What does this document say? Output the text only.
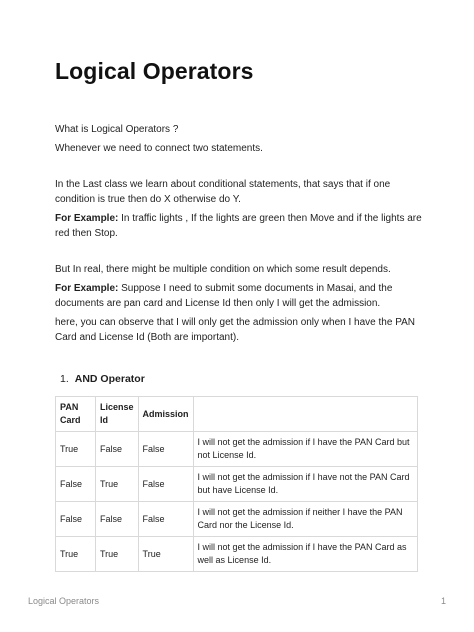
Logical Operators

What is Logical Operators ?

Whenever we need to connect two statements.

In the Last class we learn about conditional statements, that says that if one condition is true then do X otherwise do Y.

For Example: In traffic lights , If the lights are green then Move and if the lights are red then Stop.

But In real, there might be multiple condition on which some result depends.

For Example: Suppose I need to submit some documents in Masai, and the documents are pan card and License Id then only I will get the admission.

here, you can observe that I will only get the admission only when I have the PAN Card and License Id (Both are important).

1. AND Operator
PAN Card	License Id	Admission	
True	False	False	I will not get the admission if I have the PAN Card but not License Id.
False	True	False	I will not get the admission if I have not the PAN Card but have License Id.
False	False	False	I will not get the admission if neither I have the PAN Card nor the License Id.
True	True	True	I will not get the admission if I have the PAN Card as well as License Id.
Logical Operators	1
